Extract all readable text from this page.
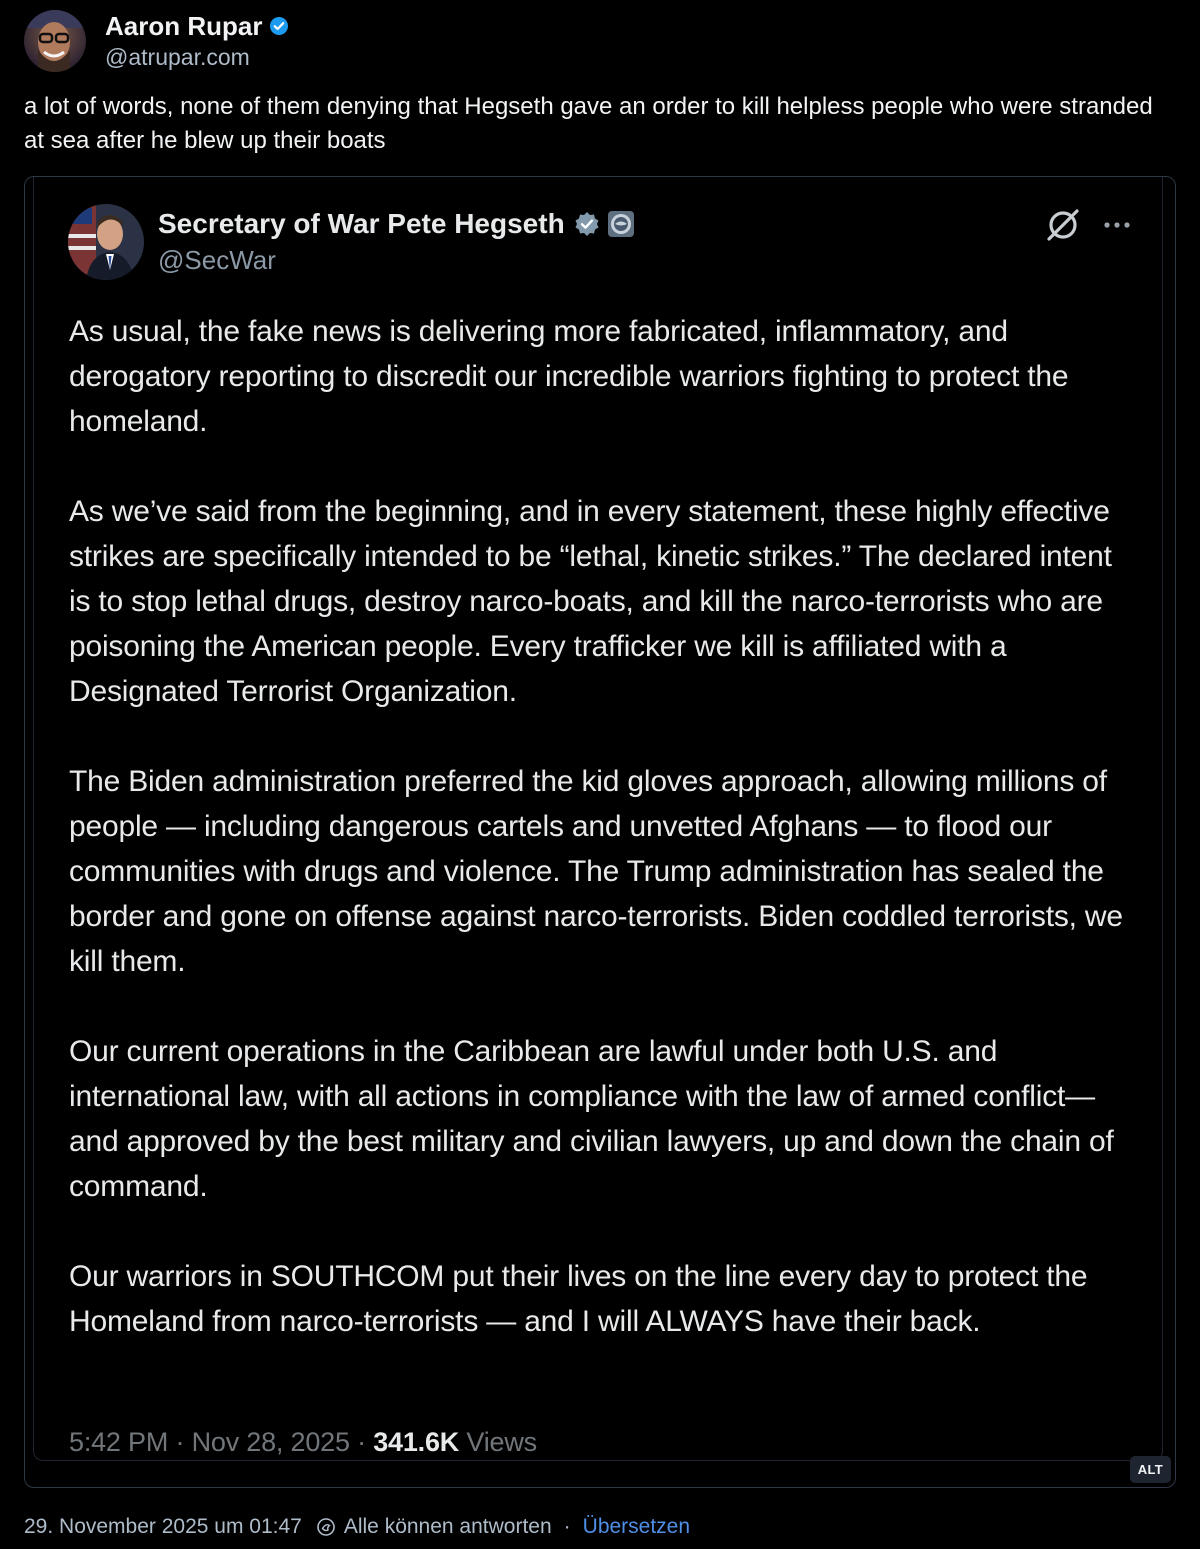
Aaron Rupar
@atrupar.com
a lot of words, none of them denying that Hegseth gave an order to kill helpless people who were stranded at sea after he blew up their boats
Secretary of War Pete Hegseth
@SecWar

As usual, the fake news is delivering more fabricated, inflammatory, and derogatory reporting to discredit our incredible warriors fighting to protect the homeland.

As we’ve said from the beginning, and in every statement, these highly effective strikes are specifically intended to be “lethal, kinetic strikes.” The declared intent is to stop lethal drugs, destroy narco-boats, and kill the narco-terrorists who are poisoning the American people. Every trafficker we kill is affiliated with a Designated Terrorist Organization.

The Biden administration preferred the kid gloves approach, allowing millions of people — including dangerous cartels and unvetted Afghans — to flood our communities with drugs and violence. The Trump administration has sealed the border and gone on offense against narco-terrorists. Biden coddled terrorists, we kill them.

Our current operations in the Caribbean are lawful under both U.S. and international law, with all actions in compliance with the law of armed conflict—and approved by the best military and civilian lawyers, up and down the chain of command.

Our warriors in SOUTHCOM put their lives on the line every day to protect the Homeland from narco-terrorists — and I will ALWAYS have their back.

5:42 PM · Nov 28, 2025 · 341.6K Views
ALT
29. November 2025 um 01:47 Alle können antworten · Übersetzen
